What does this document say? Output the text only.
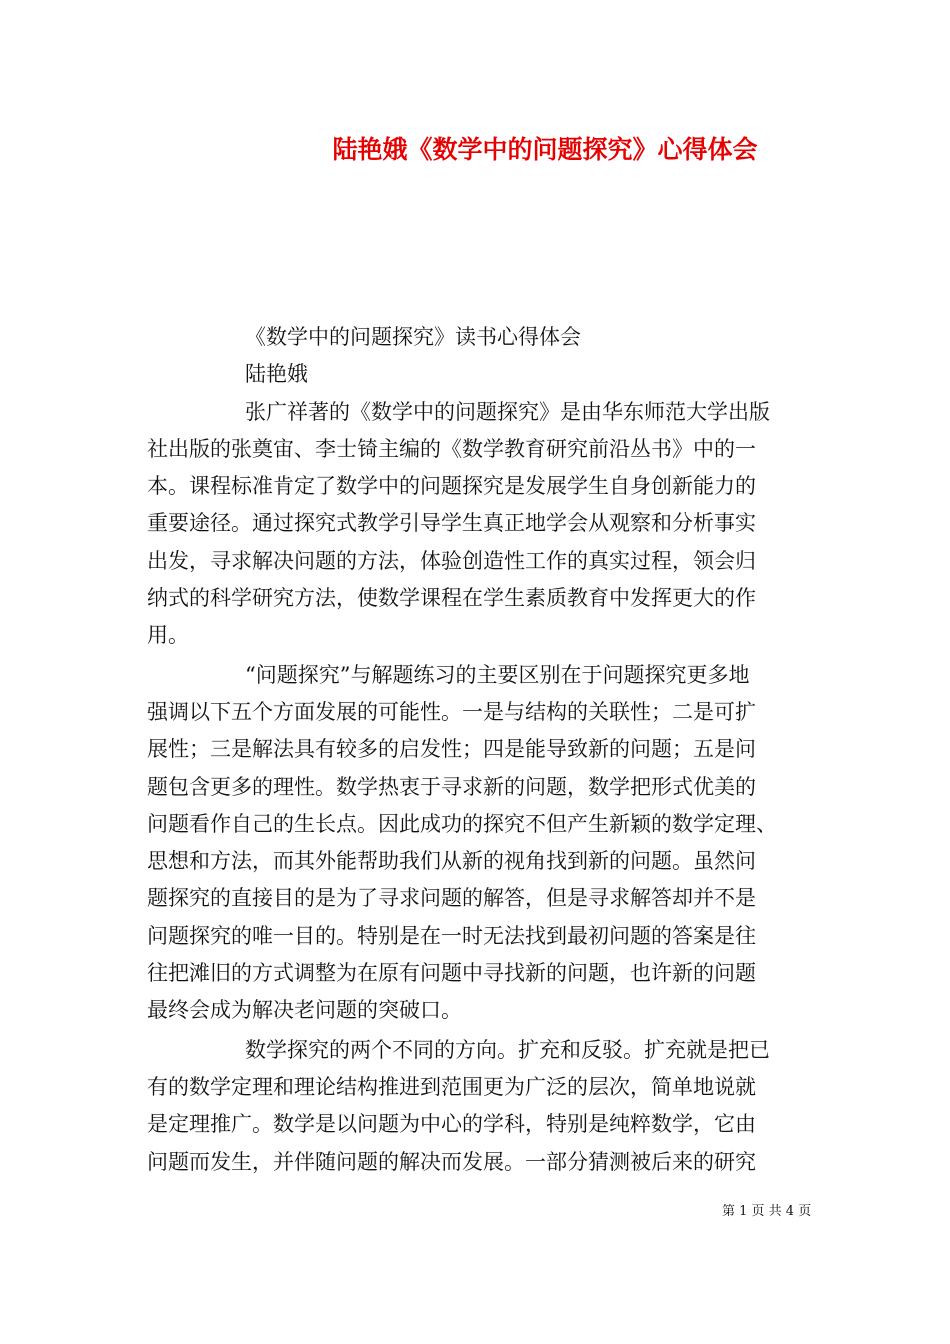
陆艳娥《数学中的问题探究》心得体会
《数学中的问题探究》读书心得体会
陆艳娥
张广祥著的《数学中的问题探究》是由华东师范大学出版
社出版的张奠宙、李士锜主编的《数学教育研究前沿丛书》中的一
本。课程标准肯定了数学中的问题探究是发展学生自身创新能力的
重要途径。通过探究式教学引导学生真正地学会从观察和分析事实
出发，寻求解决问题的方法，体验创造性工作的真实过程，领会归
纳式的科学研究方法，使数学课程在学生素质教育中发挥更大的作
用。
“问题探究”与解题练习的主要区别在于问题探究更多地
强调以下五个方面发展的可能性。一是与结构的关联性；二是可扩
展性；三是解法具有较多的启发性；四是能导致新的问题；五是问
题包含更多的理性。数学热衷于寻求新的问题，数学把形式优美的
问题看作自己的生长点。因此成功的探究不但产生新颖的数学定理、
思想和方法，而其外能帮助我们从新的视角找到新的问题。虽然问
题探究的直接目的是为了寻求问题的解答，但是寻求解答却并不是
问题探究的唯一目的。特别是在一时无法找到最初问题的答案是往
往把滩旧的方式调整为在原有问题中寻找新的问题，也许新的问题
最终会成为解决老问题的突破口。
数学探究的两个不同的方向。扩充和反驳。扩充就是把已
有的数学定理和理论结构推进到范围更为广泛的层次，简单地说就
是定理推广。数学是以问题为中心的学科，特别是纯粹数学，它由
问题而发生，并伴随问题的解决而发展。一部分猜测被后来的研究
第 1 页 共 4 页
